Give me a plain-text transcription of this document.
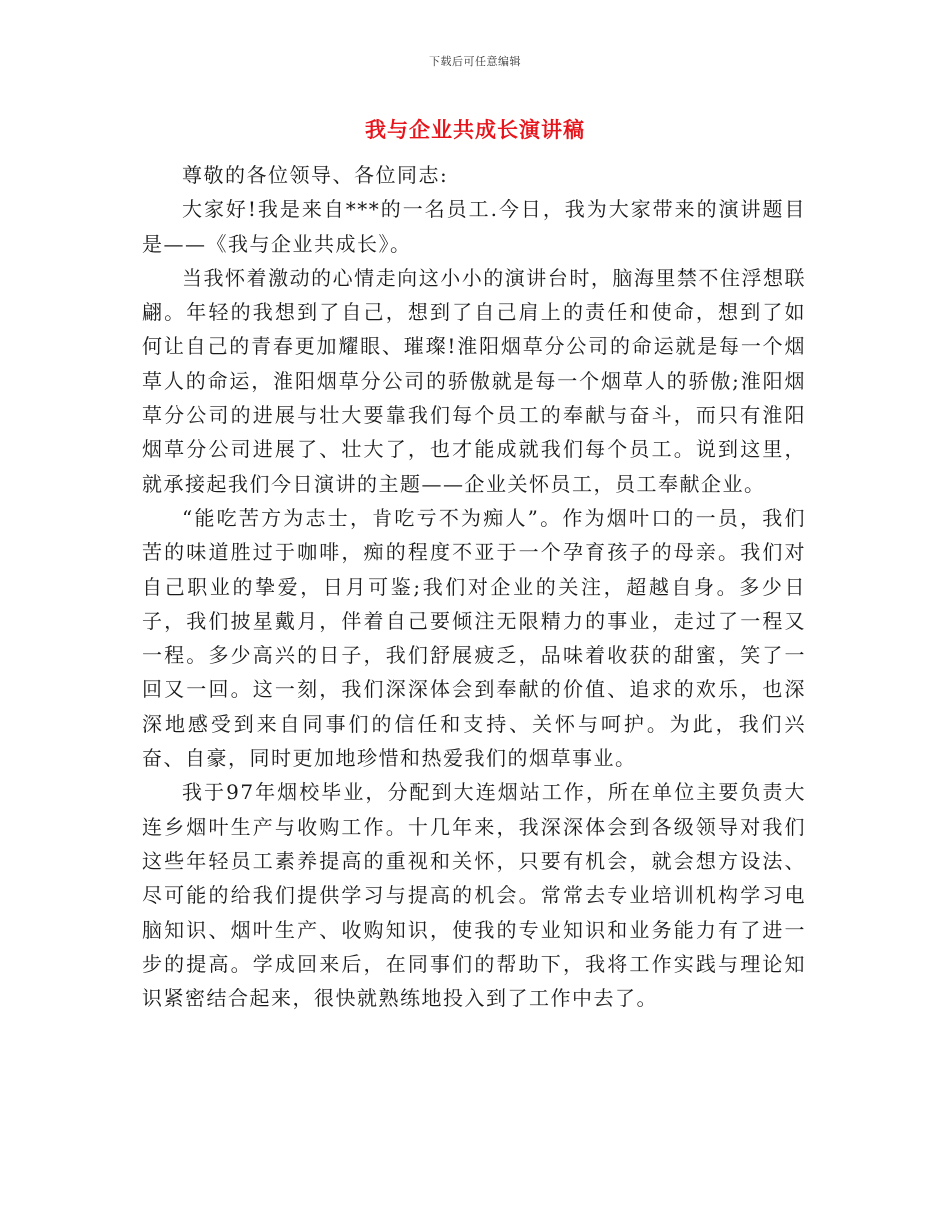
下载后可任意编辑
我与企业共成长演讲稿

尊敬的各位领导、各位同志:

大家好!我是来自***的一名员工.今日，我为大家带来的演讲题目是——《我与企业共成长》。

当我怀着激动的心情走向这小小的演讲台时，脑海里禁不住浮想联翩。年轻的我想到了自己，想到了自己肩上的责任和使命，想到了如何让自己的青春更加耀眼、璀璨!淮阳烟草分公司的命运就是每一个烟草人的命运，淮阳烟草分公司的骄傲就是每一个烟草人的骄傲;淮阳烟草分公司的进展与壮大要靠我们每个员工的奉献与奋斗，而只有淮阳烟草分公司进展了、壮大了，也才能成就我们每个员工。说到这里，就承接起我们今日演讲的主题——企业关怀员工，员工奉献企业。

“能吃苦方为志士，肯吃亏不为痴人”。作为烟叶口的一员，我们苦的味道胜过于咖啡，痴的程度不亚于一个孕育孩子的母亲。我们对自己职业的挚爱，日月可鉴;我们对企业的关注，超越自身。多少日子，我们披星戴月，伴着自己要倾注无限精力的事业，走过了一程又一程。多少高兴的日子，我们舒展疲乏，品味着收获的甜蜜，笑了一回又一回。这一刻，我们深深体会到奉献的价值、追求的欢乐，也深深地感受到来自同事们的信任和支持、关怀与呵护。为此，我们兴奋、自豪，同时更加地珍惜和热爱我们的烟草事业。

我于97年烟校毕业，分配到大连烟站工作，所在单位主要负责大连乡烟叶生产与收购工作。十几年来，我深深体会到各级领导对我们这些年轻员工素养提高的重视和关怀，只要有机会，就会想方设法、尽可能的给我们提供学习与提高的机会。常常去专业培训机构学习电脑知识、烟叶生产、收购知识，使我的专业知识和业务能力有了进一步的提高。学成回来后，在同事们的帮助下，我将工作实践与理论知识紧密结合起来，很快就熟练地投入到了工作中去了。
